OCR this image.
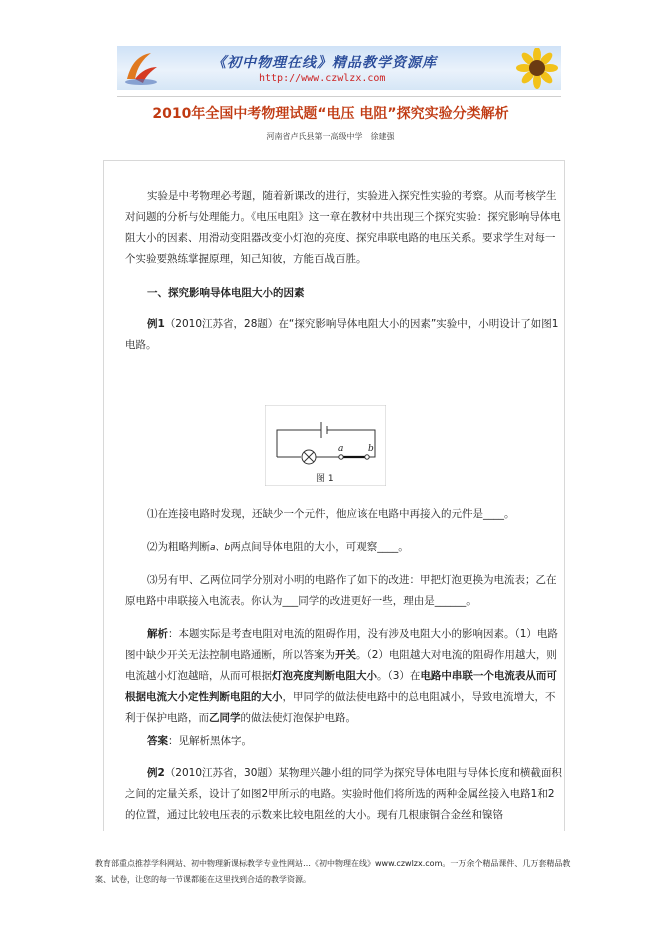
《初中物理在线》精品教学资源库
http://www.czwlzx.com
2010年全国中考物理试题“电压 电阻”探究实验分类解析
河南省卢氏县第一高级中学　徐建强
实验是中考物理必考题，随着新课改的进行，实验进入探究性实验的考察。从而考核学生对问题的分析与处理能力。《电压电阻》这一章在教材中共出现三个探究实验：探究影响导体电阻大小的因素、用滑动变阻器改变小灯泡的亮度、探究串联电路的电压关系。要求学生对每一个实验要熟练掌握原理，知己知彼，方能百战百胜。
一、探究影响导体电阻大小的因素
例1（2010江苏省，28题）在“探究影响导体电阻大小的因素”实验中，小明设计了如图1电路。
a	b
图 1
⑴在连接电路时发现，还缺少一个元件，他应该在电路中再接入的元件是____。
⑵为粗略判断a、b两点间导体电阻的大小，可观察____。
⑶另有甲、乙两位同学分别对小明的电路作了如下的改进：甲把灯泡更换为电流表；乙在原电路中串联接入电流表。你认为___同学的改进更好一些，理由是______。
解析：本题实际是考查电阻对电流的阻碍作用，没有涉及电阻大小的影响因素。（1）电路图中缺少开关无法控制电路通断，所以答案为开关。（2）电阻越大对电流的阻碍作用越大，则电流越小灯泡越暗，从而可根据灯泡亮度判断电阻大小。（3）在电路中串联一个电流表从而可根据电流大小定性判断电阻的大小，甲同学的做法使电路中的总电阻减小，导致电流增大，不利于保护电路，而乙同学的做法使灯泡保护电路。
答案：见解析黑体字。
例2（2010江苏省，30题）某物理兴趣小组的同学为探究导体电阻与导体长度和横截面积之间的定量关系，设计了如图2甲所示的电路。实验时他们将所选的两种金属丝接入电路1和2的位置，通过比较电压表的示数来比较电阻丝的大小。现有几根康铜合金丝和镍铬
教育部重点推荐学科网站、初中物理新课标教学专业性网站…《初中物理在线》www.czwlzx.com。一万余个精品课件、几万套精品教案、试卷，让您的每一节课都能在这里找到合适的教学资源。
